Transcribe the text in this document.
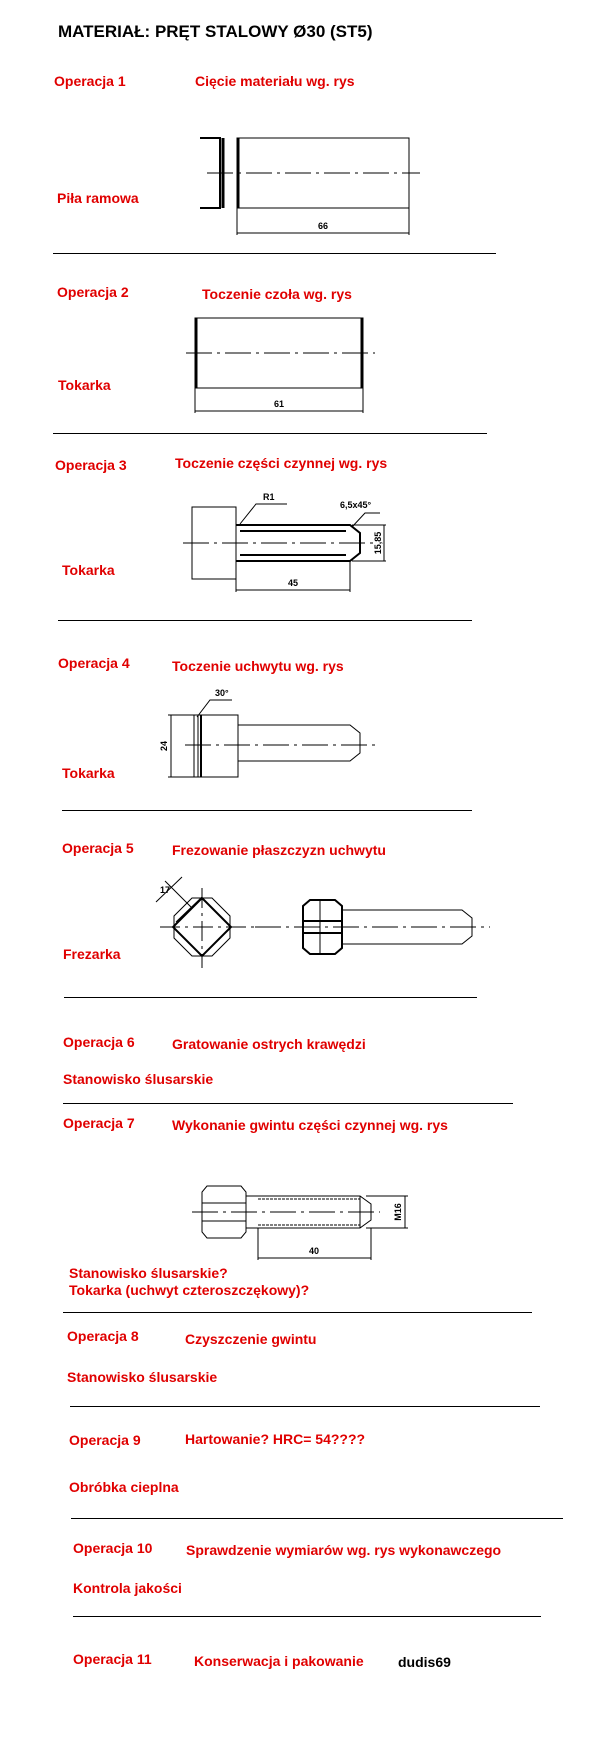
MATERIAŁ: PRĘT STALOWY Ø30 (ST5)
Operacja 1	Cięcie materiału wg. rys
Piła ramowa
Operacja 2	Toczenie czoła wg. rys
Tokarka
Operacja 3	Toczenie części czynnej wg. rys
Tokarka
Operacja 4	Toczenie uchwytu wg. rys
Tokarka
Operacja 5	Frezowanie płaszczyzn uchwytu
Frezarka
Operacja 6	Gratowanie ostrych krawędzi
Stanowisko ślusarskie
Operacja 7	Wykonanie gwintu części czynnej wg. rys
Stanowisko ślusarskie?
Tokarka (uchwyt czteroszczękowy)?
Operacja 8	Czyszczenie gwintu
Stanowisko ślusarskie
Operacja 9	Hartowanie? HRC= 54????
Obróbka cieplna
Operacja 10 Sprawdzenie wymiarów wg. rys wykonawczego
Kontrola jakości
Operacja 11	Konserwacja i pakowanie dudis69
66
61
R1
6,5x45°
15,85
45
30°
24
17
M16
40
